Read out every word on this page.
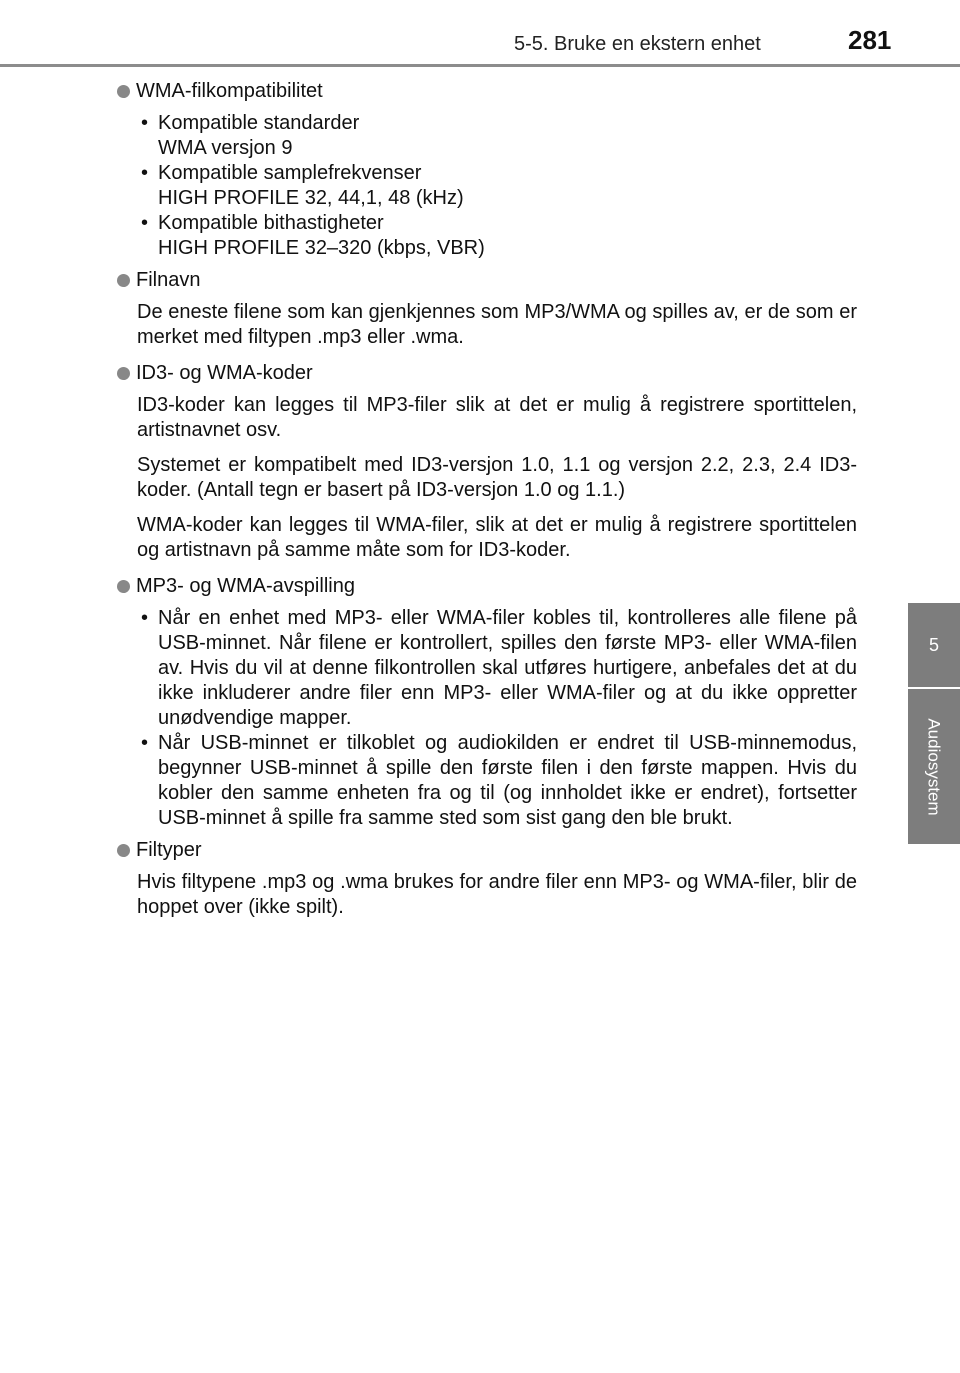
5-5. Bruke en ekstern enhet	281
5
Audiosystem
WMA-filkompatibilitet
• Kompatible standarder
WMA versjon 9
• Kompatible samplefrekvenser
HIGH PROFILE 32, 44,1, 48 (kHz)
• Kompatible bithastigheter
HIGH PROFILE 32–320 (kbps, VBR)
Filnavn

De eneste filene som kan gjenkjennes som MP3/WMA og spilles av, er de som er merket med filtypen .mp3 eller .wma.

ID3- og WMA-koder

ID3-koder kan legges til MP3-filer slik at det er mulig å registrere sportittelen, artistnavnet osv.

Systemet er kompatibelt med ID3-versjon 1.0, 1.1 og versjon 2.2, 2.3, 2.4 ID3-koder. (Antall tegn er basert på ID3-versjon 1.0 og 1.1.)

WMA-koder kan legges til WMA-filer, slik at det er mulig å registrere sportittelen og artistnavn på samme måte som for ID3-koder.

MP3- og WMA-avspilling
• Når en enhet med MP3- eller WMA-filer kobles til, kontrolleres alle filene på USB-minnet. Når filene er kontrollert, spilles den første MP3- eller WMA-filen av. Hvis du vil at denne filkontrollen skal utføres hurtigere, anbefales det at du ikke inkluderer andre filer enn MP3- eller WMA-filer og at du ikke oppretter unødvendige mapper.
• Når USB-minnet er tilkoblet og audiokilden er endret til USB-minnemodus, begynner USB-minnet å spille den første filen i den første mappen. Hvis du kobler den samme enheten fra og til (og innholdet ikke er endret), fortsetter USB-minnet å spille fra samme sted som sist gang den ble brukt.
Filtyper

Hvis filtypene .mp3 og .wma brukes for andre filer enn MP3- og WMA-filer, blir de hoppet over (ikke spilt).
